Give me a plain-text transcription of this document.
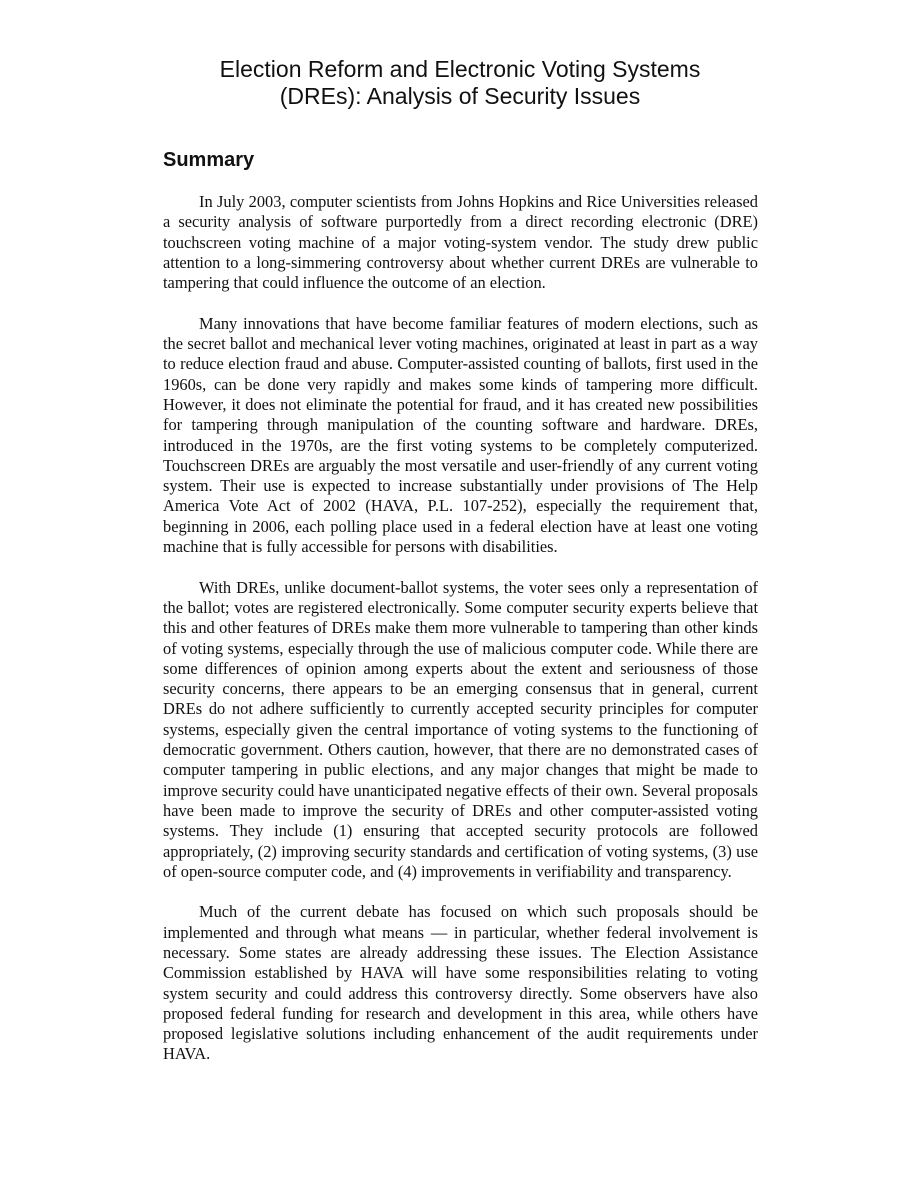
Election Reform and Electronic Voting Systems
(DREs): Analysis of Security Issues
Summary

In July 2003, computer scientists from Johns Hopkins and Rice Universities released a security analysis of software purportedly from a direct recording electronic (DRE) touchscreen voting machine of a major voting-system vendor. The study drew public attention to a long-simmering controversy about whether current DREs are vulnerable to tampering that could influence the outcome of an election.

Many innovations that have become familiar features of modern elections, such as the secret ballot and mechanical lever voting machines, originated at least in part as a way to reduce election fraud and abuse. Computer-assisted counting of ballots, first used in the 1960s, can be done very rapidly and makes some kinds of tampering more difficult. However, it does not eliminate the potential for fraud, and it has created new possibilities for tampering through manipulation of the counting software and hardware. DREs, introduced in the 1970s, are the first voting systems to be completely computerized. Touchscreen DREs are arguably the most versatile and user-friendly of any current voting system. Their use is expected to increase substantially under provisions of The Help America Vote Act of 2002 (HAVA, P.L. 107-252), especially the requirement that, beginning in 2006, each polling place used in a federal election have at least one voting machine that is fully accessible for persons with disabilities.

With DREs, unlike document-ballot systems, the voter sees only a representation of the ballot; votes are registered electronically. Some computer security experts believe that this and other features of DREs make them more vulnerable to tampering than other kinds of voting systems, especially through the use of malicious computer code. While there are some differences of opinion among experts about the extent and seriousness of those security concerns, there appears to be an emerging consensus that in general, current DREs do not adhere sufficiently to currently accepted security principles for computer systems, especially given the central importance of voting systems to the functioning of democratic government. Others caution, however, that there are no demonstrated cases of computer tampering in public elections, and any major changes that might be made to improve security could have unanticipated negative effects of their own. Several proposals have been made to improve the security of DREs and other computer-assisted voting systems. They include (1) ensuring that accepted security protocols are followed appropriately, (2) improving security standards and certification of voting systems, (3) use of open-source computer code, and (4) improvements in verifiability and transparency.

Much of the current debate has focused on which such proposals should be implemented and through what means — in particular, whether federal involvement is necessary. Some states are already addressing these issues. The Election Assistance Commission established by HAVA will have some responsibilities relating to voting system security and could address this controversy directly. Some observers have also proposed federal funding for research and development in this area, while others have proposed legislative solutions including enhancement of the audit requirements under HAVA.
